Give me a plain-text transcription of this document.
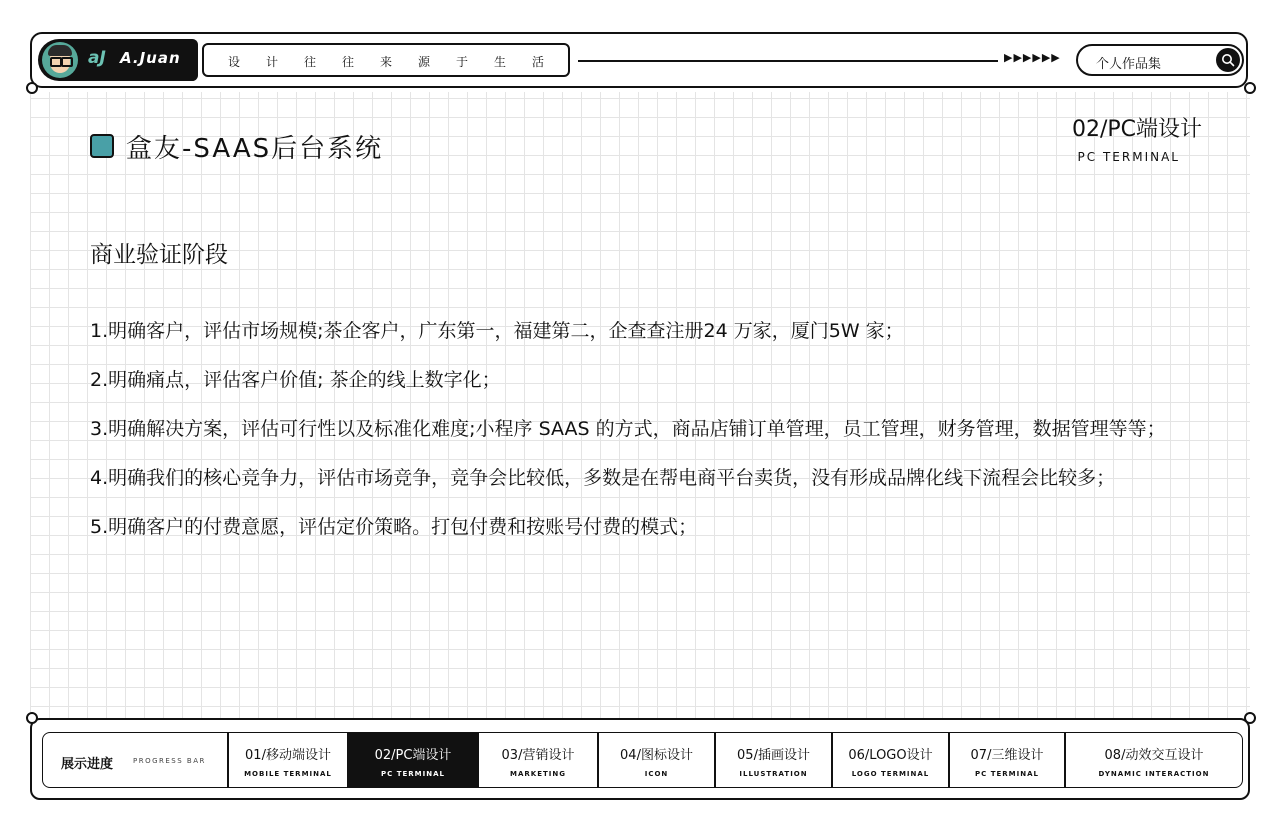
aJ A.Juan	设计往往来源于生活	▶▶▶▶▶▶	个人作品集
盒友-SAAS后台系统
02/PC端设计
PC TERMINAL
商业验证阶段
1.明确客户，评估市场规模;茶企客户，广东第一，福建第二，企查查注册24 万家，厦门5W 家；
2.明确痛点，评估客户价值; 茶企的线上数字化；
3.明确解决方案，评估可行性以及标准化难度;小程序 SAAS 的方式，商品店铺订单管理，员工管理，财务管理，数据管理等等；
4.明确我们的核心竞争力，评估市场竞争，竞争会比较低，多数是在帮电商平台卖货，没有形成品牌化线下流程会比较多；
5.明确客户的付费意愿，评估定价策略。打包付费和按账号付费的模式；
展示进度	PROGRESS BAR	01/移动端设计
MOBILE TERMINAL
02/PC端设计
PC TERMINAL
03/营销设计
MARKETING
04/图标设计
ICON
05/插画设计
ILLUSTRATION
06/LOGO设计
LOGO TERMINAL
07/三维设计
PC TERMINAL
08/动效交互设计
DYNAMIC INTERACTION
